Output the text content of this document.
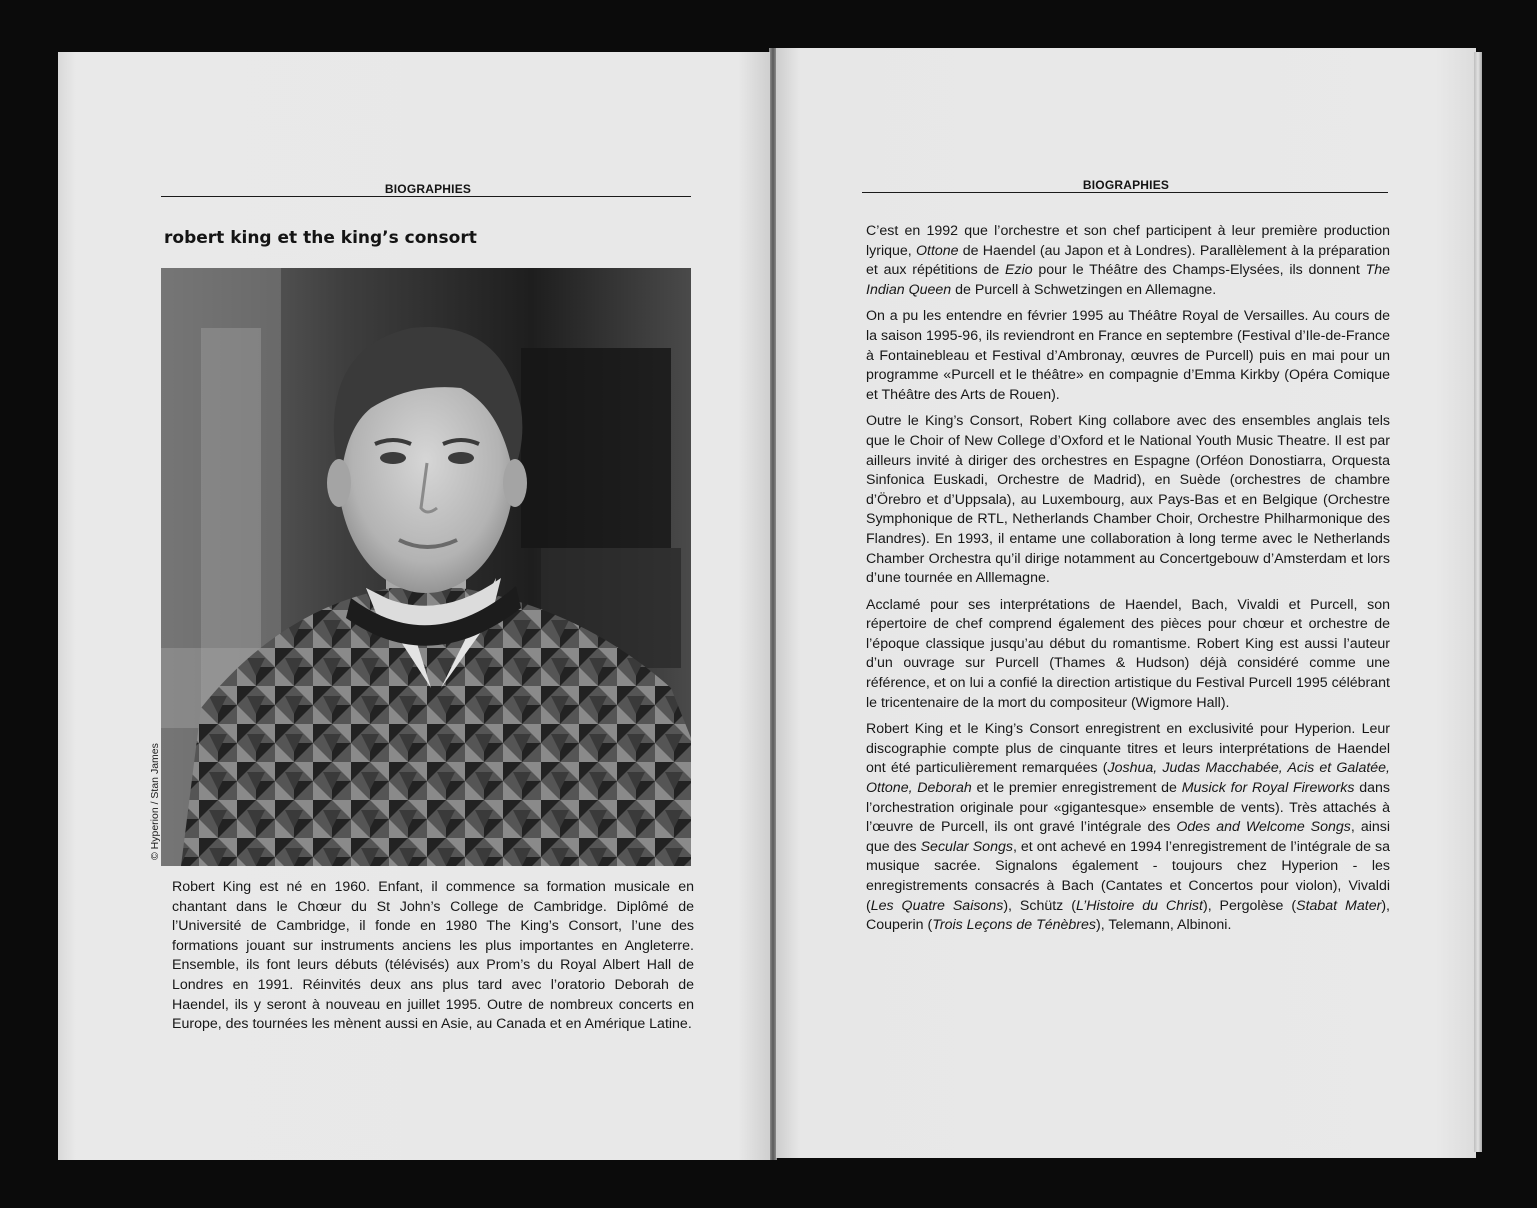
BIOGRAPHIES
robert king et the king’s consort
© Hyperion / Stan James

Robert King est né en 1960. Enfant, il commence sa formation musicale en chantant dans le Chœur du St John’s College de Cambridge. Diplômé de l’Université de Cambridge, il fonde en 1980 The King’s Consort, l’une des formations jouant sur instruments anciens les plus importantes en Angleterre. Ensemble, ils font leurs débuts (télévisés) aux Prom’s du Royal Albert Hall de Londres en 1991. Réinvités deux ans plus tard avec l’oratorio Deborah de Haendel, ils y seront à nouveau en juillet 1995. Outre de nombreux concerts en Europe, des tournées les mènent aussi en Asie, au Canada et en Amérique Latine.

BIOGRAPHIES

C’est en 1992 que l’orchestre et son chef participent à leur première production lyrique, Ottone de Haendel (au Japon et à Londres). Parallèlement à la préparation et aux répétitions de Ezio pour le Théâtre des Champs-Elysées, ils donnent The Indian Queen de Purcell à Schwetzingen en Allemagne.

On a pu les entendre en février 1995 au Théâtre Royal de Versailles. Au cours de la saison 1995-96, ils reviendront en France en septembre (Festival d’Ile-de-France à Fontainebleau et Festival d’Ambronay, œuvres de Purcell) puis en mai pour un programme «Purcell et le théâtre» en compagnie d’Emma Kirkby (Opéra Comique et Théâtre des Arts de Rouen).

Outre le King’s Consort, Robert King collabore avec des ensembles anglais tels que le Choir of New College d’Oxford et le National Youth Music Theatre. Il est par ailleurs invité à diriger des orchestres en Espagne (Orféon Donostiarra, Orquesta Sinfonica Euskadi, Orchestre de Madrid), en Suède (orchestres de chambre d’Örebro et d’Uppsala), au Luxembourg, aux Pays-Bas et en Belgique (Orchestre Symphonique de RTL, Netherlands Chamber Choir, Orchestre Philharmonique des Flandres). En 1993, il entame une collaboration à long terme avec le Netherlands Chamber Orchestra qu’il dirige notamment au Concertgebouw d’Amsterdam et lors d’une tournée en Alllemagne.

Acclamé pour ses interprétations de Haendel, Bach, Vivaldi et Purcell, son répertoire de chef comprend également des pièces pour chœur et orchestre de l’époque classique jusqu’au début du romantisme. Robert King est aussi l’auteur d’un ouvrage sur Purcell (Thames & Hudson) déjà considéré comme une référence, et on lui a confié la direction artistique du Festival Purcell 1995 célébrant le tricentenaire de la mort du compositeur (Wigmore Hall).

Robert King et le King’s Consort enregistrent en exclusivité pour Hyperion. Leur discographie compte plus de cinquante titres et leurs interprétations de Haendel ont été particulièrement remarquées (Joshua, Judas Macchabée, Acis et Galatée, Ottone, Deborah et le premier enregistrement de Musick for Royal Fireworks dans l’orchestration originale pour «gigantesque» ensemble de vents). Très attachés à l’œuvre de Purcell, ils ont gravé l’intégrale des Odes and Welcome Songs, ainsi que des Secular Songs, et ont achevé en 1994 l’enregistrement de l’intégrale de sa musique sacrée. Signalons également - toujours chez Hyperion - les enregistrements consacrés à Bach (Cantates et Concertos pour violon), Vivaldi (Les Quatre Saisons), Schütz (L’Histoire du Christ), Pergolèse (Stabat Mater), Couperin (Trois Leçons de Ténèbres), Telemann, Albinoni.
